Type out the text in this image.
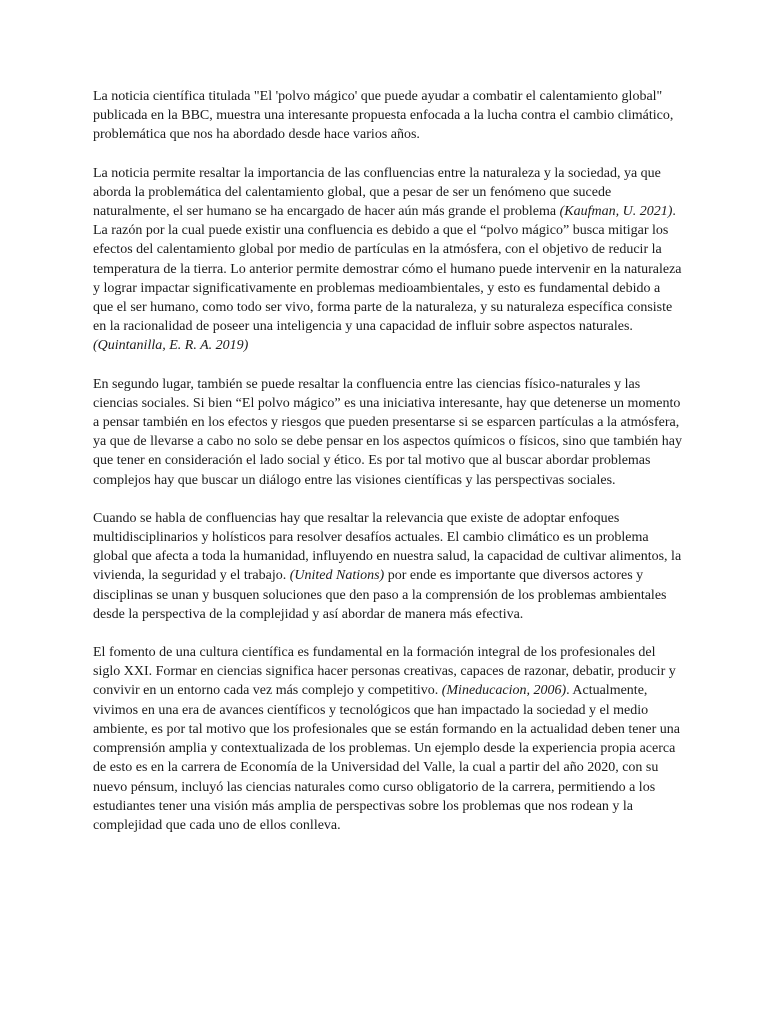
La noticia científica titulada "El 'polvo mágico' que puede ayudar a combatir el calentamiento global" publicada en la BBC, muestra una interesante propuesta enfocada a la lucha contra el cambio climático, problemática que nos ha abordado desde hace varios años.

La noticia permite resaltar la importancia de las confluencias entre la naturaleza y la sociedad, ya que aborda la problemática del calentamiento global, que a pesar de ser un fenómeno que sucede naturalmente, el ser humano se ha encargado de hacer aún más grande el problema (Kaufman, U. 2021). La razón por la cual puede existir una confluencia es debido a que el “polvo mágico” busca mitigar los efectos del calentamiento global por medio de partículas en la atmósfera, con el objetivo de reducir la temperatura de la tierra. Lo anterior permite demostrar cómo el humano puede intervenir en la naturaleza y lograr impactar significativamente en problemas medioambientales, y esto es fundamental debido a que el ser humano, como todo ser vivo, forma parte de la naturaleza, y su naturaleza específica consiste en la racionalidad de poseer una inteligencia y una capacidad de influir sobre aspectos naturales. (Quintanilla, E. R. A. 2019)

En segundo lugar, también se puede resaltar la confluencia entre las ciencias físico-naturales y las ciencias sociales. Si bien “El polvo mágico” es una iniciativa interesante, hay que detenerse un momento a pensar también en los efectos y riesgos que pueden presentarse si se esparcen partículas a la atmósfera, ya que de llevarse a cabo no solo se debe pensar en los aspectos químicos o físicos, sino que también hay que tener en consideración el lado social y ético. Es por tal motivo que al buscar abordar problemas complejos hay que buscar un diálogo entre las visiones científicas y las perspectivas sociales.

Cuando se habla de confluencias hay que resaltar la relevancia que existe de adoptar enfoques multidisciplinarios y holísticos para resolver desafíos actuales. El cambio climático es un problema global que afecta a toda la humanidad, influyendo en nuestra salud, la capacidad de cultivar alimentos, la vivienda, la seguridad y el trabajo. (United Nations) por ende es importante que diversos actores y disciplinas se unan y busquen soluciones que den paso a la comprensión de los problemas ambientales desde la perspectiva de la complejidad y así abordar de manera más efectiva.

El fomento de una cultura científica es fundamental en la formación integral de los profesionales del siglo XXI. Formar en ciencias significa hacer personas creativas, capaces de razonar, debatir, producir y convivir en un entorno cada vez más complejo y competitivo. (Mineducacion, 2006). Actualmente, vivimos en una era de avances científicos y tecnológicos que han impactado la sociedad y el medio ambiente, es por tal motivo que los profesionales que se están formando en la actualidad deben tener una comprensión amplia y contextualizada de los problemas. Un ejemplo desde la experiencia propia acerca de esto es en la carrera de Economía de la Universidad del Valle, la cual a partir del año 2020, con su nuevo pénsum, incluyó las ciencias naturales como curso obligatorio de la carrera, permitiendo a los estudiantes tener una visión más amplia de perspectivas sobre los problemas que nos rodean y la complejidad que cada uno de ellos conlleva.
